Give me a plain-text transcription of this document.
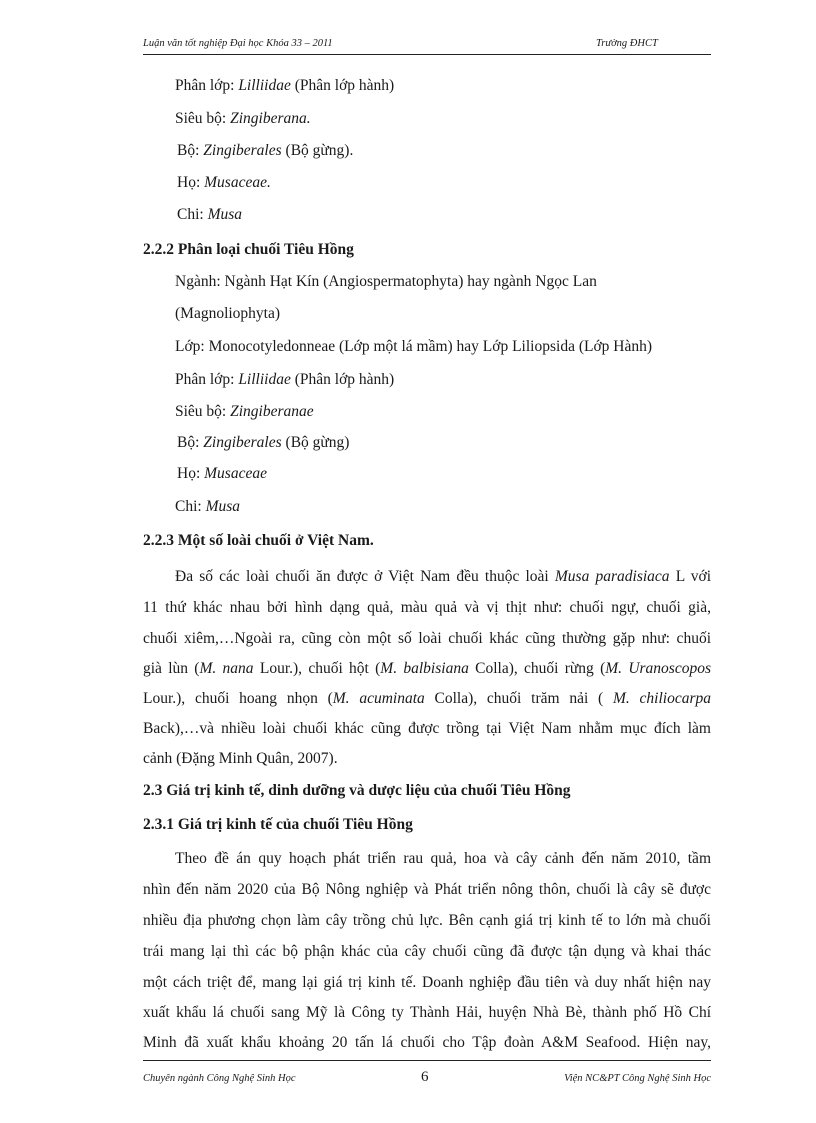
Luận văn tốt nghiệp Đại học Khóa 33 – 2011	Trường ĐHCT
Phân lớp: Lilliidae (Phân lớp hành)
Siêu bộ: Zingiberana.
Bộ: Zingiberales (Bộ gừng).
Họ: Musaceae.
Chi: Musa
2.2.2 Phân loại chuối Tiêu Hồng
Ngành: Ngành Hạt Kín (Angiospermatophyta) hay ngành Ngọc Lan
(Magnoliophyta)
Lớp: Monocotyledonneae (Lớp một lá mầm) hay Lớp Liliopsida (Lớp Hành)
Phân lớp: Lilliidae (Phân lớp hành)
Siêu bộ: Zingiberanae
Bộ: Zingiberales (Bộ gừng)
Họ: Musaceae
Chi: Musa
2.2.3 Một số loài chuối ở Việt Nam.
Đa số các loài chuối ăn được ở Việt Nam đều thuộc loài Musa paradisiaca L với
11 thứ khác nhau bởi hình dạng quả, màu quả và vị thịt như: chuối ngự, chuối già,
chuối xiêm,…Ngoài ra, cũng còn một số loài chuối khác cũng thường gặp như: chuối
già lùn (M. nana Lour.), chuối hột (M. balbisiana Colla), chuối rừng (M. Uranoscopos
Lour.), chuối hoang nhọn (M. acuminata Colla), chuối trăm nải ( M. chiliocarpa
Back),…và nhiều loài chuối khác cũng được trồng tại Việt Nam nhằm mục đích làm
cảnh (Đặng Minh Quân, 2007).
2.3 Giá trị kinh tế, dinh dưỡng và dược liệu của chuối Tiêu Hồng
2.3.1 Giá trị kinh tế của chuối Tiêu Hồng
Theo đề án quy hoạch phát triển rau quả, hoa và cây cảnh đến năm 2010, tầm
nhìn đến năm 2020 của Bộ Nông nghiệp và Phát triển nông thôn, chuối là cây sẽ được
nhiều địa phương chọn làm cây trồng chủ lực. Bên cạnh giá trị kinh tế to lớn mà chuối
trái mang lại thì các bộ phận khác của cây chuối cũng đã được tận dụng và khai thác
một cách triệt để, mang lại giá trị kinh tế. Doanh nghiệp đầu tiên và duy nhất hiện nay
xuất khẩu lá chuối sang Mỹ là Công ty Thành Hải, huyện Nhà Bè, thành phố Hồ Chí
Minh đã xuất khẩu khoảng 20 tấn lá chuối cho Tập đoàn A&M Seafood. Hiện nay,
Chuyên ngành Công Nghệ Sinh Học	6	Viện NC&PT Công Nghệ Sinh Học
